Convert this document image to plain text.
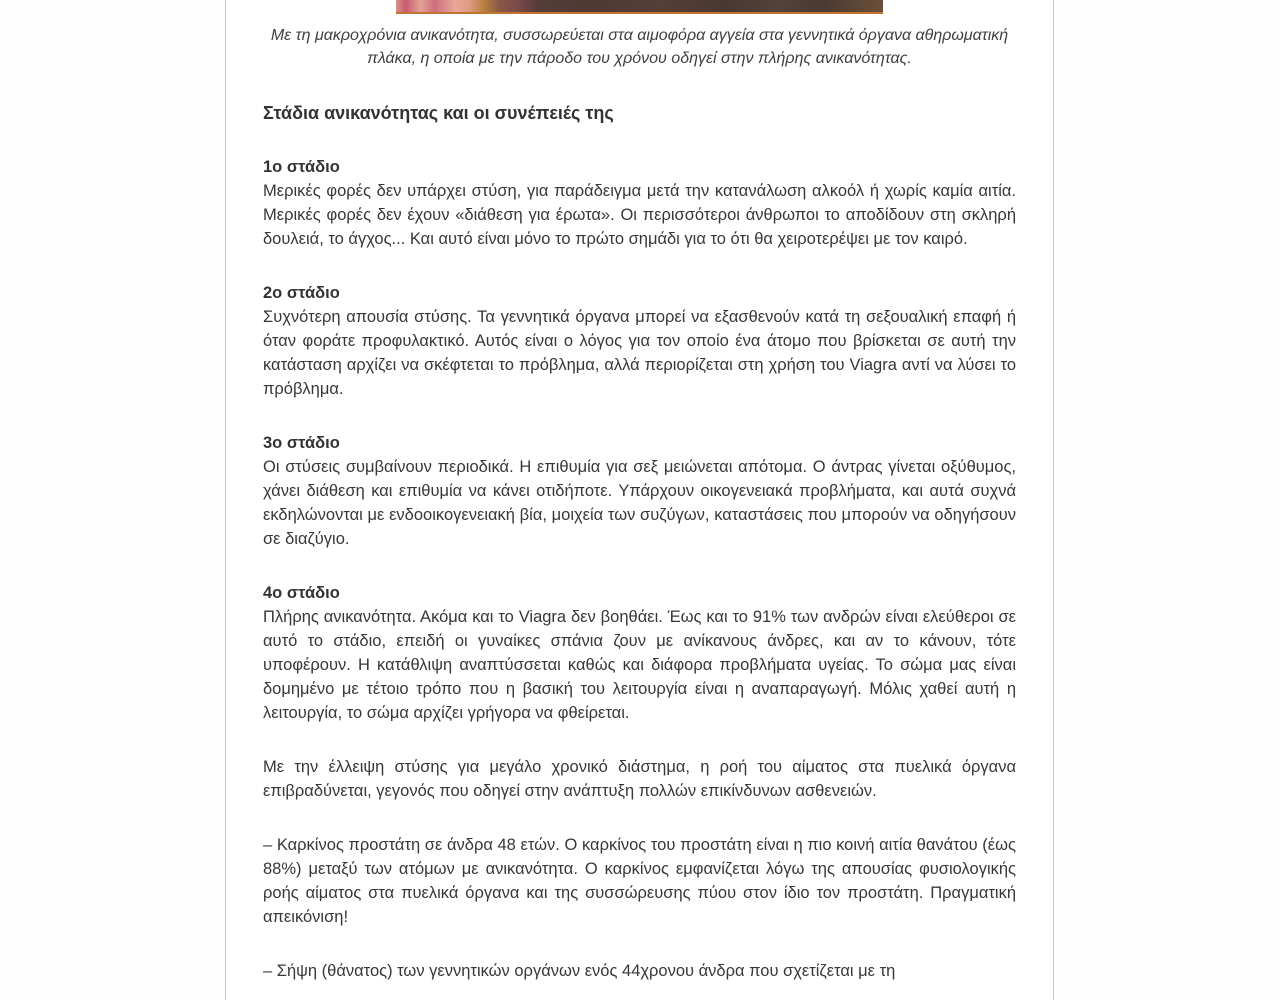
Με τη μακροχρόνια ανικανότητα, συσσωρεύεται στα αιμοφόρα αγγεία στα γεννητικά όργανα αθηρωματική πλάκα, η οποία με την πάροδο του χρόνου οδηγεί στην πλήρης ανικανότητας.

Στάδια ανικανότητας και οι συνέπειές της

1ο στάδιο
Μερικές φορές δεν υπάρχει στύση, για παράδειγμα μετά την κατανάλωση αλκοόλ ή χωρίς καμία αιτία. Μερικές φορές δεν έχουν «διάθεση για έρωτα». Οι περισσότεροι άνθρωποι το αποδίδουν στη σκληρή δουλειά, το άγχος... Και αυτό είναι μόνο το πρώτο σημάδι για το ότι θα χειροτερέψει με τον καιρό.

2ο στάδιο
Συχνότερη απουσία στύσης. Τα γεννητικά όργανα μπορεί να εξασθενούν κατά τη σεξουαλική επαφή ή όταν φοράτε προφυλακτικό. Αυτός είναι ο λόγος για τον οποίο ένα άτομο που βρίσκεται σε αυτή την κατάσταση αρχίζει να σκέφτεται το πρόβλημα, αλλά περιορίζεται στη χρήση του Viagra αντί να λύσει το πρόβλημα.

3ο στάδιο
Οι στύσεις συμβαίνουν περιοδικά. Η επιθυμία για σεξ μειώνεται απότομα. Ο άντρας γίνεται οξύθυμος, χάνει διάθεση και επιθυμία να κάνει οτιδήποτε. Υπάρχουν οικογενειακά προβλήματα, και αυτά συχνά εκδηλώνονται με ενδοοικογενειακή βία, μοιχεία των συζύγων, καταστάσεις που μπορούν να οδηγήσουν σε διαζύγιο.

4ο στάδιο
Πλήρης ανικανότητα. Ακόμα και το Viagra δεν βοηθάει. Έως και το 91% των ανδρών είναι ελεύθεροι σε αυτό το στάδιο, επειδή οι γυναίκες σπάνια ζουν με ανίκανους άνδρες, και αν το κάνουν, τότε υποφέρουν. Η κατάθλιψη αναπτύσσεται καθώς και διάφορα προβλήματα υγείας. Το σώμα μας είναι δομημένο με τέτοιο τρόπο που η βασική του λειτουργία είναι η αναπαραγωγή. Μόλις χαθεί αυτή η λειτουργία, το σώμα αρχίζει γρήγορα να φθείρεται.

Με την έλλειψη στύσης για μεγάλο χρονικό διάστημα, η ροή του αίματος στα πυελικά όργανα επιβραδύνεται, γεγονός που οδηγεί στην ανάπτυξη πολλών επικίνδυνων ασθενειών.

– Καρκίνος προστάτη σε άνδρα 48 ετών. Ο καρκίνος του προστάτη είναι η πιο κοινή αιτία θανάτου (έως 88%) μεταξύ των ατόμων με ανικανότητα. Ο καρκίνος εμφανίζεται λόγω της απουσίας φυσιολογικής ροής αίματος στα πυελικά όργανα και της συσσώρευσης πύου στον ίδιο τον προστάτη. Πραγματική απεικόνιση!

– Σήψη (θάνατος) των γεννητικών οργάνων ενός 44χρονου άνδρα που σχετίζεται με τη
